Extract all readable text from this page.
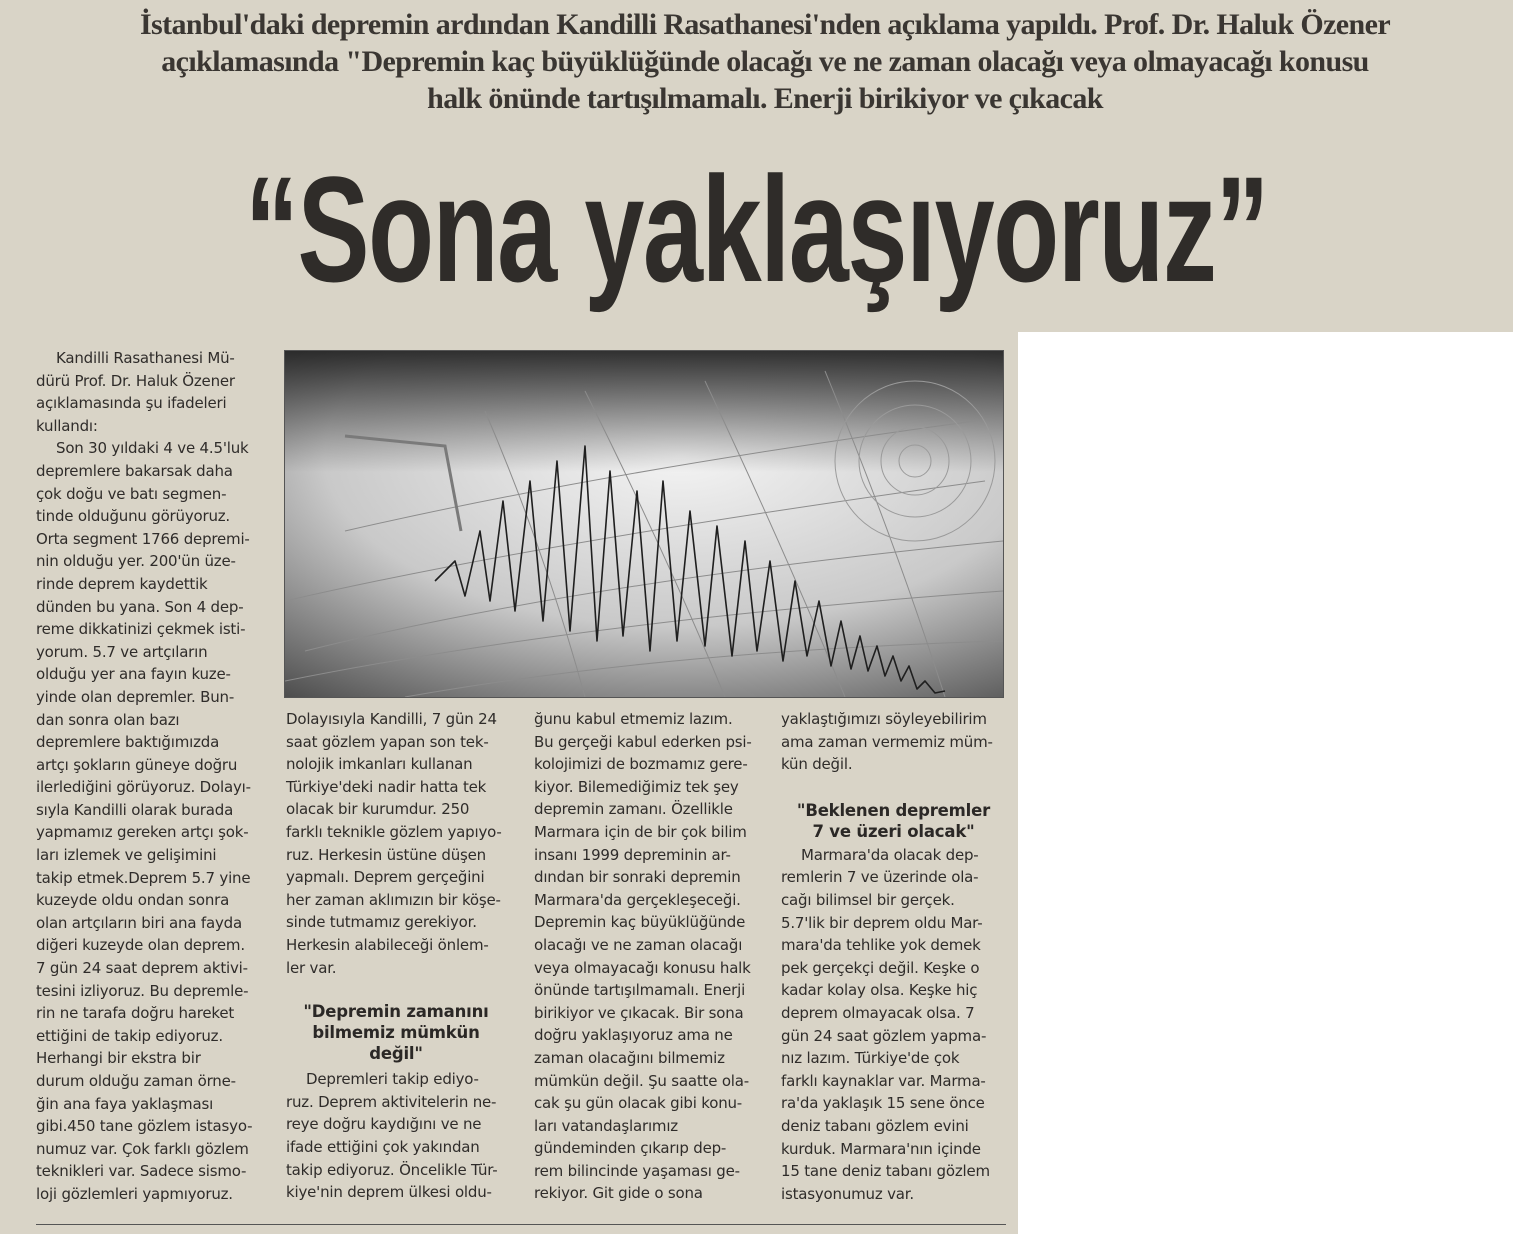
İstanbul'daki depremin ardından Kandilli Rasathanesi'nden açıklama yapıldı. Prof. Dr. Haluk Özener
açıklamasında "Depremin kaç büyüklüğünde olacağı ve ne zaman olacağı veya olmayacağı konusu
halk önünde tartışılmamalı. Enerji birikiyor ve çıkacak
“Sona yaklaşıyoruz”

Kandilli Rasathanesi Mü-

dürü Prof. Dr. Haluk Özener

açıklamasında şu ifadeleri

kullandı:

Son 30 yıldaki 4 ve 4.5'luk

depremlere bakarsak daha

çok doğu ve batı segmen-

tinde olduğunu görüyoruz.

Orta segment 1766 depremi-

nin olduğu yer. 200'ün üze-

rinde deprem kaydettik

dünden bu yana. Son 4 dep-

reme dikkatinizi çekmek isti-

yorum. 5.7 ve artçıların

olduğu yer ana fayın kuze-

yinde olan depremler. Bun-

dan sonra olan bazı

depremlere baktığımızda

artçı şokların güneye doğru

ilerlediğini görüyoruz. Dolayı-

sıyla Kandilli olarak burada

yapmamız gereken artçı şok-

ları izlemek ve gelişimini

takip etmek.Deprem 5.7 yine

kuzeyde oldu ondan sonra

olan artçıların biri ana fayda

diğeri kuzeyde olan deprem.

7 gün 24 saat deprem aktivi-

tesini izliyoruz. Bu depremle-

rin ne tarafa doğru hareket

ettiğini de takip ediyoruz.

Herhangi bir ekstra bir

durum olduğu zaman örne-

ğin ana faya yaklaşması

gibi.450 tane gözlem istasyo-

numuz var. Çok farklı gözlem

teknikleri var. Sadece sismo-

loji gözlemleri yapmıyoruz.

Dolayısıyla Kandilli, 7 gün 24

saat gözlem yapan son tek-

nolojik imkanları kullanan

Türkiye'deki nadir hatta tek

olacak bir kurumdur. 250

farklı teknikle gözlem yapıyo-

ruz. Herkesin üstüne düşen

yapmalı. Deprem gerçeğini

her zaman aklımızın bir köşe-

sinde tutmamız gerekiyor.

Herkesin alabileceği önlem-

ler var.

"Depremin zamanını

bilmemiz mümkün

değil"

Depremleri takip ediyo-

ruz. Deprem aktivitelerin ne-

reye doğru kaydığını ve ne

ifade ettiğini çok yakından

takip ediyoruz. Öncelikle Tür-

kiye'nin deprem ülkesi oldu-

ğunu kabul etmemiz lazım.

Bu gerçeği kabul ederken psi-

kolojimizi de bozmamız gere-

kiyor. Bilemediğimiz tek şey

depremin zamanı. Özellikle

Marmara için de bir çok bilim

insanı 1999 depreminin ar-

dından bir sonraki depremin

Marmara'da gerçekleşeceği.

Depremin kaç büyüklüğünde

olacağı ve ne zaman olacağı

veya olmayacağı konusu halk

önünde tartışılmamalı. Enerji

birikiyor ve çıkacak. Bir sona

doğru yaklaşıyoruz ama ne

zaman olacağını bilmemiz

mümkün değil. Şu saatte ola-

cak şu gün olacak gibi konu-

ları vatandaşlarımız

gündeminden çıkarıp dep-

rem bilincinde yaşaması ge-

rekiyor. Git gide o sona

yaklaştığımızı söyleyebilirim

ama zaman vermemiz müm-

kün değil.

"Beklenen depremler

7 ve üzeri olacak"

Marmara'da olacak dep-

remlerin 7 ve üzerinde ola-

cağı bilimsel bir gerçek.

5.7'lik bir deprem oldu Mar-

mara'da tehlike yok demek

pek gerçekçi değil. Keşke o

kadar kolay olsa. Keşke hiç

deprem olmayacak olsa. 7

gün 24 saat gözlem yapma-

nız lazım. Türkiye'de çok

farklı kaynaklar var. Marma-

ra'da yaklaşık 15 sene önce

deniz tabanı gözlem evini

kurduk. Marmara'nın içinde

15 tane deniz tabanı gözlem

istasyonumuz var.
